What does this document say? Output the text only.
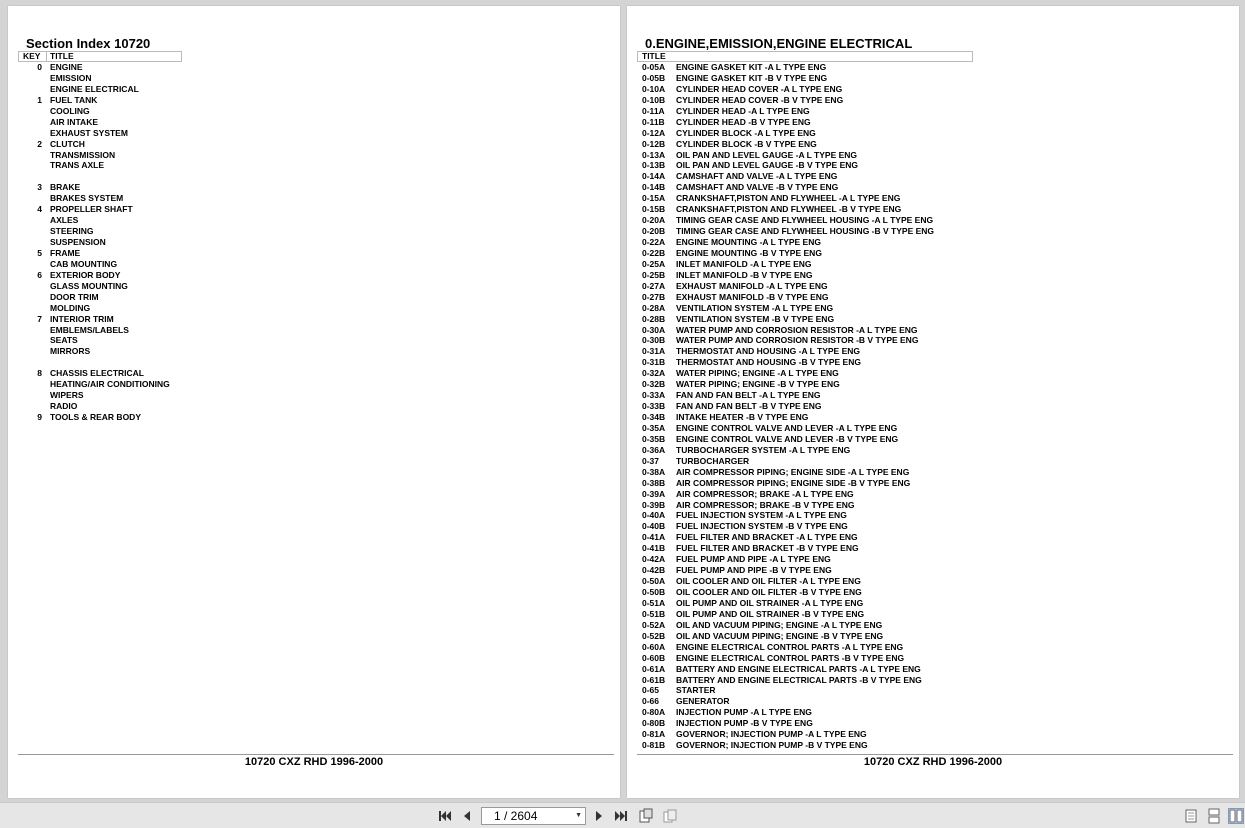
Section Index 10720
KEY TITLE
0 ENGINE
EMISSION
ENGINE ELECTRICAL
1 FUEL TANK
COOLING
AIR INTAKE
EXHAUST SYSTEM
2 CLUTCH
TRANSMISSION
TRANS AXLE
3 BRAKE
BRAKES SYSTEM
4 PROPELLER SHAFT
AXLES
STEERING
SUSPENSION
5 FRAME
CAB MOUNTING
6 EXTERIOR BODY
GLASS MOUNTING
DOOR TRIM
MOLDING
7 INTERIOR TRIM
EMBLEMS/LABELS
SEATS
MIRRORS
8 CHASSIS ELECTRICAL
HEATING/AIR CONDITIONING
WIPERS
RADIO
9 TOOLS & REAR BODY
10720 CXZ RHD 1996-2000
0.ENGINE,EMISSION,ENGINE ELECTRICAL
TITLE
0-05A ENGINE GASKET KIT -A L TYPE ENG
0-05B ENGINE GASKET KIT -B V TYPE ENG
0-10A CYLINDER HEAD COVER -A L TYPE ENG
0-10B CYLINDER HEAD COVER -B V TYPE ENG
0-11A CYLINDER HEAD -A L TYPE ENG
0-11B CYLINDER HEAD -B V TYPE ENG
0-12A CYLINDER BLOCK -A L TYPE ENG
0-12B CYLINDER BLOCK -B V TYPE ENG
0-13A OIL PAN AND LEVEL GAUGE -A L TYPE ENG
0-13B OIL PAN AND LEVEL GAUGE -B V TYPE ENG
0-14A CAMSHAFT AND VALVE -A L TYPE ENG
0-14B CAMSHAFT AND VALVE -B V TYPE ENG
0-15A CRANKSHAFT,PISTON AND FLYWHEEL -A L TYPE ENG
0-15B CRANKSHAFT,PISTON AND FLYWHEEL -B V TYPE ENG
0-20A TIMING GEAR CASE AND FLYWHEEL HOUSING -A L TYPE ENG
0-20B TIMING GEAR CASE AND FLYWHEEL HOUSING -B V TYPE ENG
0-22A ENGINE MOUNTING -A L TYPE ENG
0-22B ENGINE MOUNTING -B V TYPE ENG
0-25A INLET MANIFOLD -A L TYPE ENG
0-25B INLET MANIFOLD -B V TYPE ENG
0-27A EXHAUST MANIFOLD -A L TYPE ENG
0-27B EXHAUST MANIFOLD -B V TYPE ENG
0-28A VENTILATION SYSTEM -A L TYPE ENG
0-28B VENTILATION SYSTEM -B V TYPE ENG
0-30A WATER PUMP AND CORROSION RESISTOR -A L TYPE ENG
0-30B WATER PUMP AND CORROSION RESISTOR -B V TYPE ENG
0-31A THERMOSTAT AND HOUSING -A L TYPE ENG
0-31B THERMOSTAT AND HOUSING -B V TYPE ENG
0-32A WATER PIPING; ENGINE -A L TYPE ENG
0-32B WATER PIPING; ENGINE -B V TYPE ENG
0-33A FAN AND FAN BELT -A L TYPE ENG
0-33B FAN AND FAN BELT -B V TYPE ENG
0-34B INTAKE HEATER -B V TYPE ENG
0-35A ENGINE CONTROL VALVE AND LEVER -A L TYPE ENG
0-35B ENGINE CONTROL VALVE AND LEVER -B V TYPE ENG
0-36A TURBOCHARGER SYSTEM -A L TYPE ENG
0-37 TURBOCHARGER
0-38A AIR COMPRESSOR PIPING; ENGINE SIDE -A L TYPE ENG
0-38B AIR COMPRESSOR PIPING; ENGINE SIDE -B V TYPE ENG
0-39A AIR COMPRESSOR; BRAKE -A L TYPE ENG
0-39B AIR COMPRESSOR; BRAKE -B V TYPE ENG
0-40A FUEL INJECTION SYSTEM -A L TYPE ENG
0-40B FUEL INJECTION SYSTEM -B V TYPE ENG
0-41A FUEL FILTER AND BRACKET -A L TYPE ENG
0-41B FUEL FILTER AND BRACKET -B V TYPE ENG
0-42A FUEL PUMP AND PIPE -A L TYPE ENG
0-42B FUEL PUMP AND PIPE -B V TYPE ENG
0-50A OIL COOLER AND OIL FILTER -A L TYPE ENG
0-50B OIL COOLER AND OIL FILTER -B V TYPE ENG
0-51A OIL PUMP AND OIL STRAINER -A L TYPE ENG
0-51B OIL PUMP AND OIL STRAINER -B V TYPE ENG
0-52A OIL AND VACUUM PIPING; ENGINE -A L TYPE ENG
0-52B OIL AND VACUUM PIPING; ENGINE -B V TYPE ENG
0-60A ENGINE ELECTRICAL CONTROL PARTS -A L TYPE ENG
0-60B ENGINE ELECTRICAL CONTROL PARTS -B V TYPE ENG
0-61A BATTERY AND ENGINE ELECTRICAL PARTS -A L TYPE ENG
0-61B BATTERY AND ENGINE ELECTRICAL PARTS -B V TYPE ENG
0-65 STARTER
0-66 GENERATOR
0-80A INJECTION PUMP -A L TYPE ENG
0-80B INJECTION PUMP -B V TYPE ENG
0-81A GOVERNOR; INJECTION PUMP -A L TYPE ENG
0-81B GOVERNOR; INJECTION PUMP -B V TYPE ENG
10720 CXZ RHD 1996-2000
1 / 2604	▼
